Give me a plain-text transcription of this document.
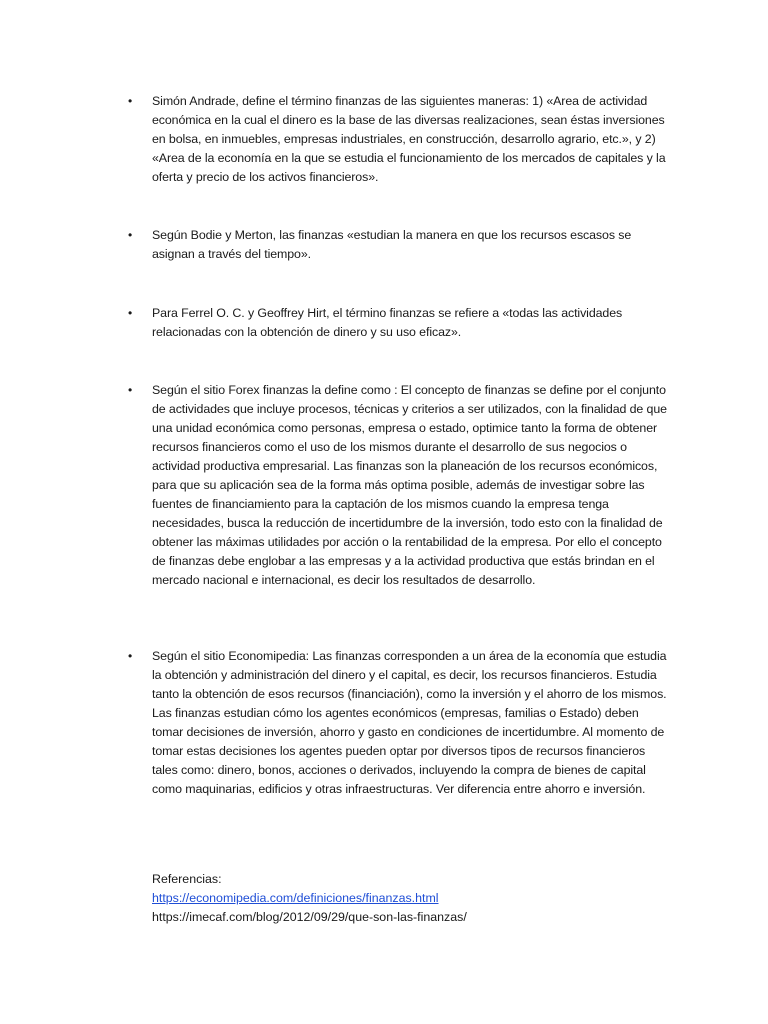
•	Simón Andrade, define el término finanzas de las siguientes maneras: 1) «Area de actividad económica en la cual el dinero es la base de las diversas realizaciones, sean éstas inversiones en bolsa, en inmuebles, empresas industriales, en construcción, desarrollo agrario, etc.», y 2) «Area de la economía en la que se estudia el funcionamiento de los mercados de capitales y la oferta y precio de los activos financieros».

•	Según Bodie y Merton, las finanzas «estudian la manera en que los recursos escasos se asignan a través del tiempo».

•	Para Ferrel O. C. y Geoffrey Hirt, el término finanzas se refiere a «todas las actividades relacionadas con la obtención de dinero y su uso eficaz».

•	Según el sitio Forex finanzas la define como : El concepto de finanzas se define por el conjunto de actividades que incluye procesos, técnicas y criterios a ser utilizados, con la finalidad de que una unidad económica como personas, empresa o estado, optimice tanto la forma de obtener recursos financieros como el uso de los mismos durante el desarrollo de sus negocios o actividad productiva empresarial. Las finanzas son la planeación de los recursos económicos, para que su aplicación sea de la forma más optima posible, además de investigar sobre las fuentes de financiamiento para la captación de los mismos cuando la empresa tenga necesidades, busca la reducción de incertidumbre de la inversión, todo esto con la finalidad de obtener las máximas utilidades por acción o la rentabilidad de la empresa. Por ello el concepto de finanzas debe englobar a las empresas y a la actividad productiva que estás brindan en el mercado nacional e internacional, es decir los resultados de desarrollo.

•	Según el sitio Economipedia: Las finanzas corresponden a un área de la economía que estudia la obtención y administración del dinero y el capital, es decir, los recursos financieros. Estudia tanto la obtención de esos recursos (financiación), como la inversión y el ahorro de los mismos.

Las finanzas estudian cómo los agentes económicos (empresas, familias o Estado) deben tomar decisiones de inversión, ahorro y gasto en condiciones de incertidumbre. Al momento de tomar estas decisiones los agentes pueden optar por diversos tipos de recursos financieros tales como: dinero, bonos, acciones o derivados, incluyendo la compra de bienes de capital como maquinarias, edificios y otras infraestructuras. Ver diferencia entre ahorro e inversión.

Referencias:
https://economipedia.com/definiciones/finanzas.html
https://imecaf.com/blog/2012/09/29/que-son-las-finanzas/
